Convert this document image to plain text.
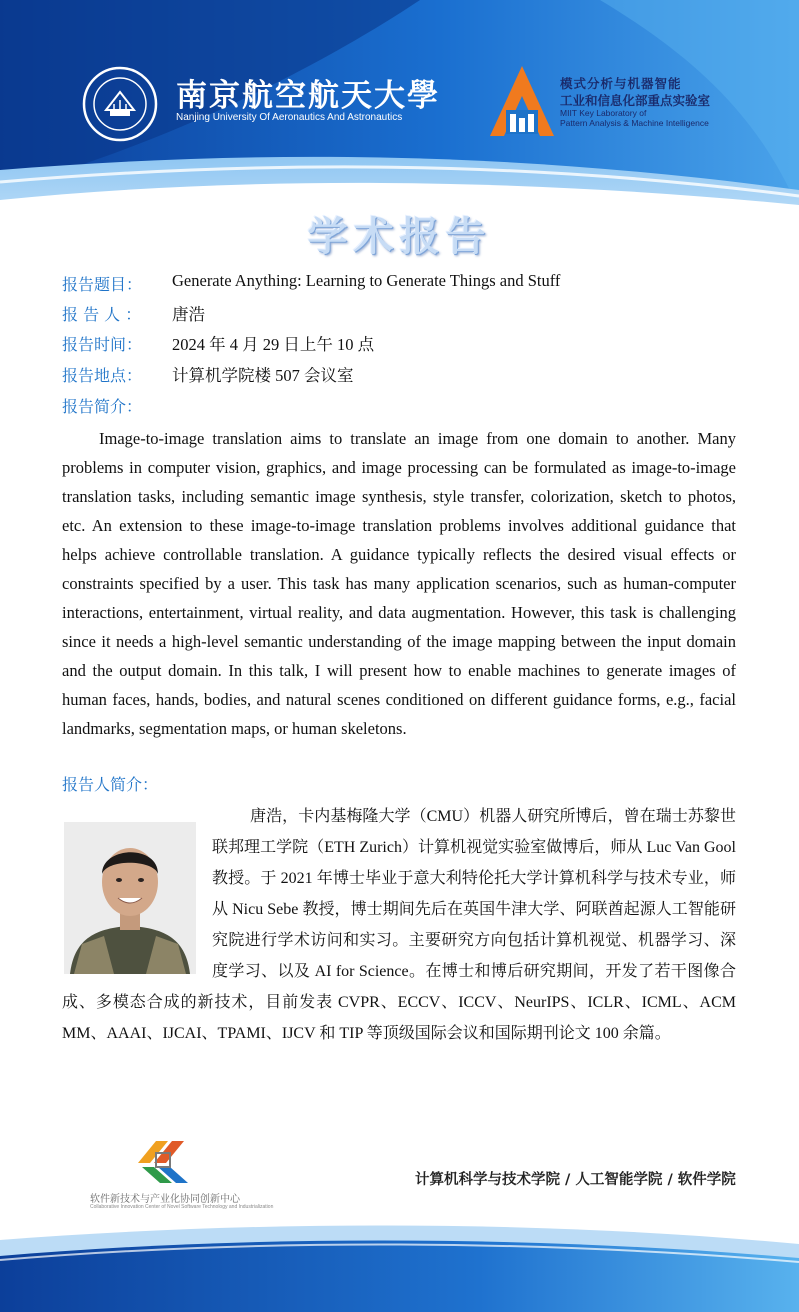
南京航空航天大學
Nanjing University Of Aeronautics And Astronautics
模式分析与机器智能
工业和信息化部重点实验室
MIIT Key Laboratory of
Pattern Analysis & Machine Intelligence
学术报告
报告题目： Generate Anything: Learning to Generate Things and Stuff
报 告 人 ： 唐浩
报告时间： 2024 年 4 月 29 日上午 10 点
报告地点： 计算机学院楼 507 会议室
报告简介：

Image-to-image translation aims to translate an image from one domain to another. Many problems in computer vision, graphics, and image processing can be formulated as image-to-image translation tasks, including semantic image synthesis, style transfer, colorization, sketch to photos, etc. An extension to these image-to-image translation problems involves additional guidance that helps achieve controllable translation. A guidance typically reflects the desired visual effects or constraints specified by a user. This task has many application scenarios, such as human-computer interactions, entertainment, virtual reality, and data augmentation. However, this task is challenging since it needs a high-level semantic understanding of the image mapping between the input domain and the output domain. In this talk, I will present how to enable machines to generate images of human faces, hands, bodies, and natural scenes conditioned on different guidance forms, e.g., facial landmarks, segmentation maps, or human skeletons.

报告人简介：

唐浩，卡内基梅隆大学（CMU）机器人研究所博后，曾在瑞士苏黎世联邦理工学院（ETH Zurich）计算机视觉实验室做博后，师从 Luc Van Gool 教授。于 2021 年博士毕业于意大利特伦托大学计算机科学与技术专业，师从 Nicu Sebe 教授，博士期间先后在英国牛津大学、阿联酋起源人工智能研究院进行学术访问和实习。主要研究方向包括计算机视觉、机器学习、深度学习、以及 AI for Science。在博士和博后研究期间，开发了若干图像合成、多模态合成的新技术，目前发表 CVPR、ECCV、ICCV、NeurIPS、ICLR、ICML、ACM MM、AAAI、IJCAI、TPAMI、IJCV 和 TIP 等顶级国际会议和国际期刊论文 100 余篇。

软件新技术与产业化协同创新中心
Collaborative Innovation Center of Novel Software Technology and Industrialization
计算机科学与技术学院 / 人工智能学院 / 软件学院
